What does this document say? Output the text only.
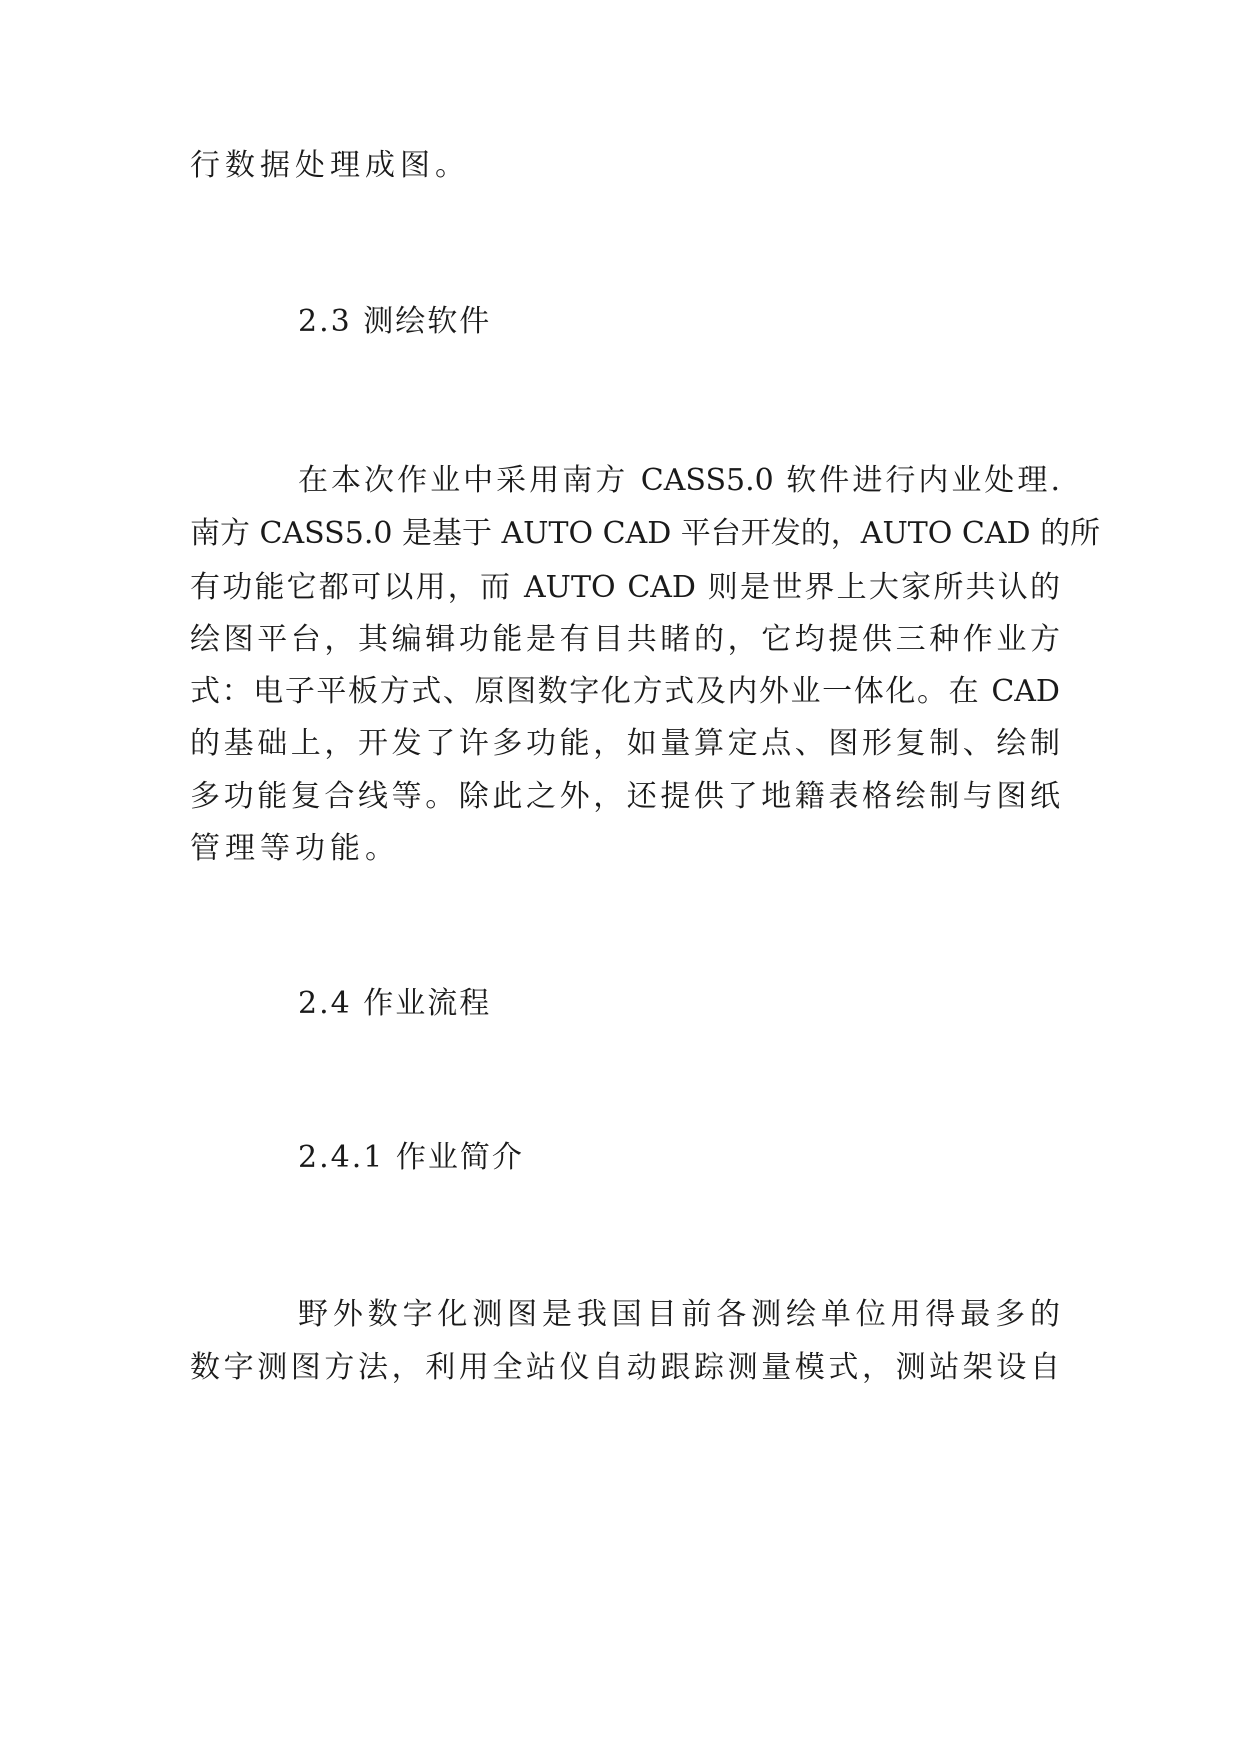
行数据处理成图。
2.3 测绘软件
在本次作业中采用南方 CASS5.0 软件进行内业处理.
南方 CASS5.0 是基于 AUTO CAD 平台开发的，AUTO CAD 的所
有功能它都可以用，而 AUTO CAD 则是世界上大家所共认的
绘图平台，其编辑功能是有目共睹的，它均提供三种作业方
式：电子平板方式、原图数字化方式及内外业一体化。在 CAD
的基础上，开发了许多功能，如量算定点、图形复制、绘制
多功能复合线等。除此之外，还提供了地籍表格绘制与图纸
管理等功能。
2.4 作业流程
2.4.1 作业简介
野外数字化测图是我国目前各测绘单位用得最多的
数字测图方法，利用全站仪自动跟踪测量模式，测站架设自
